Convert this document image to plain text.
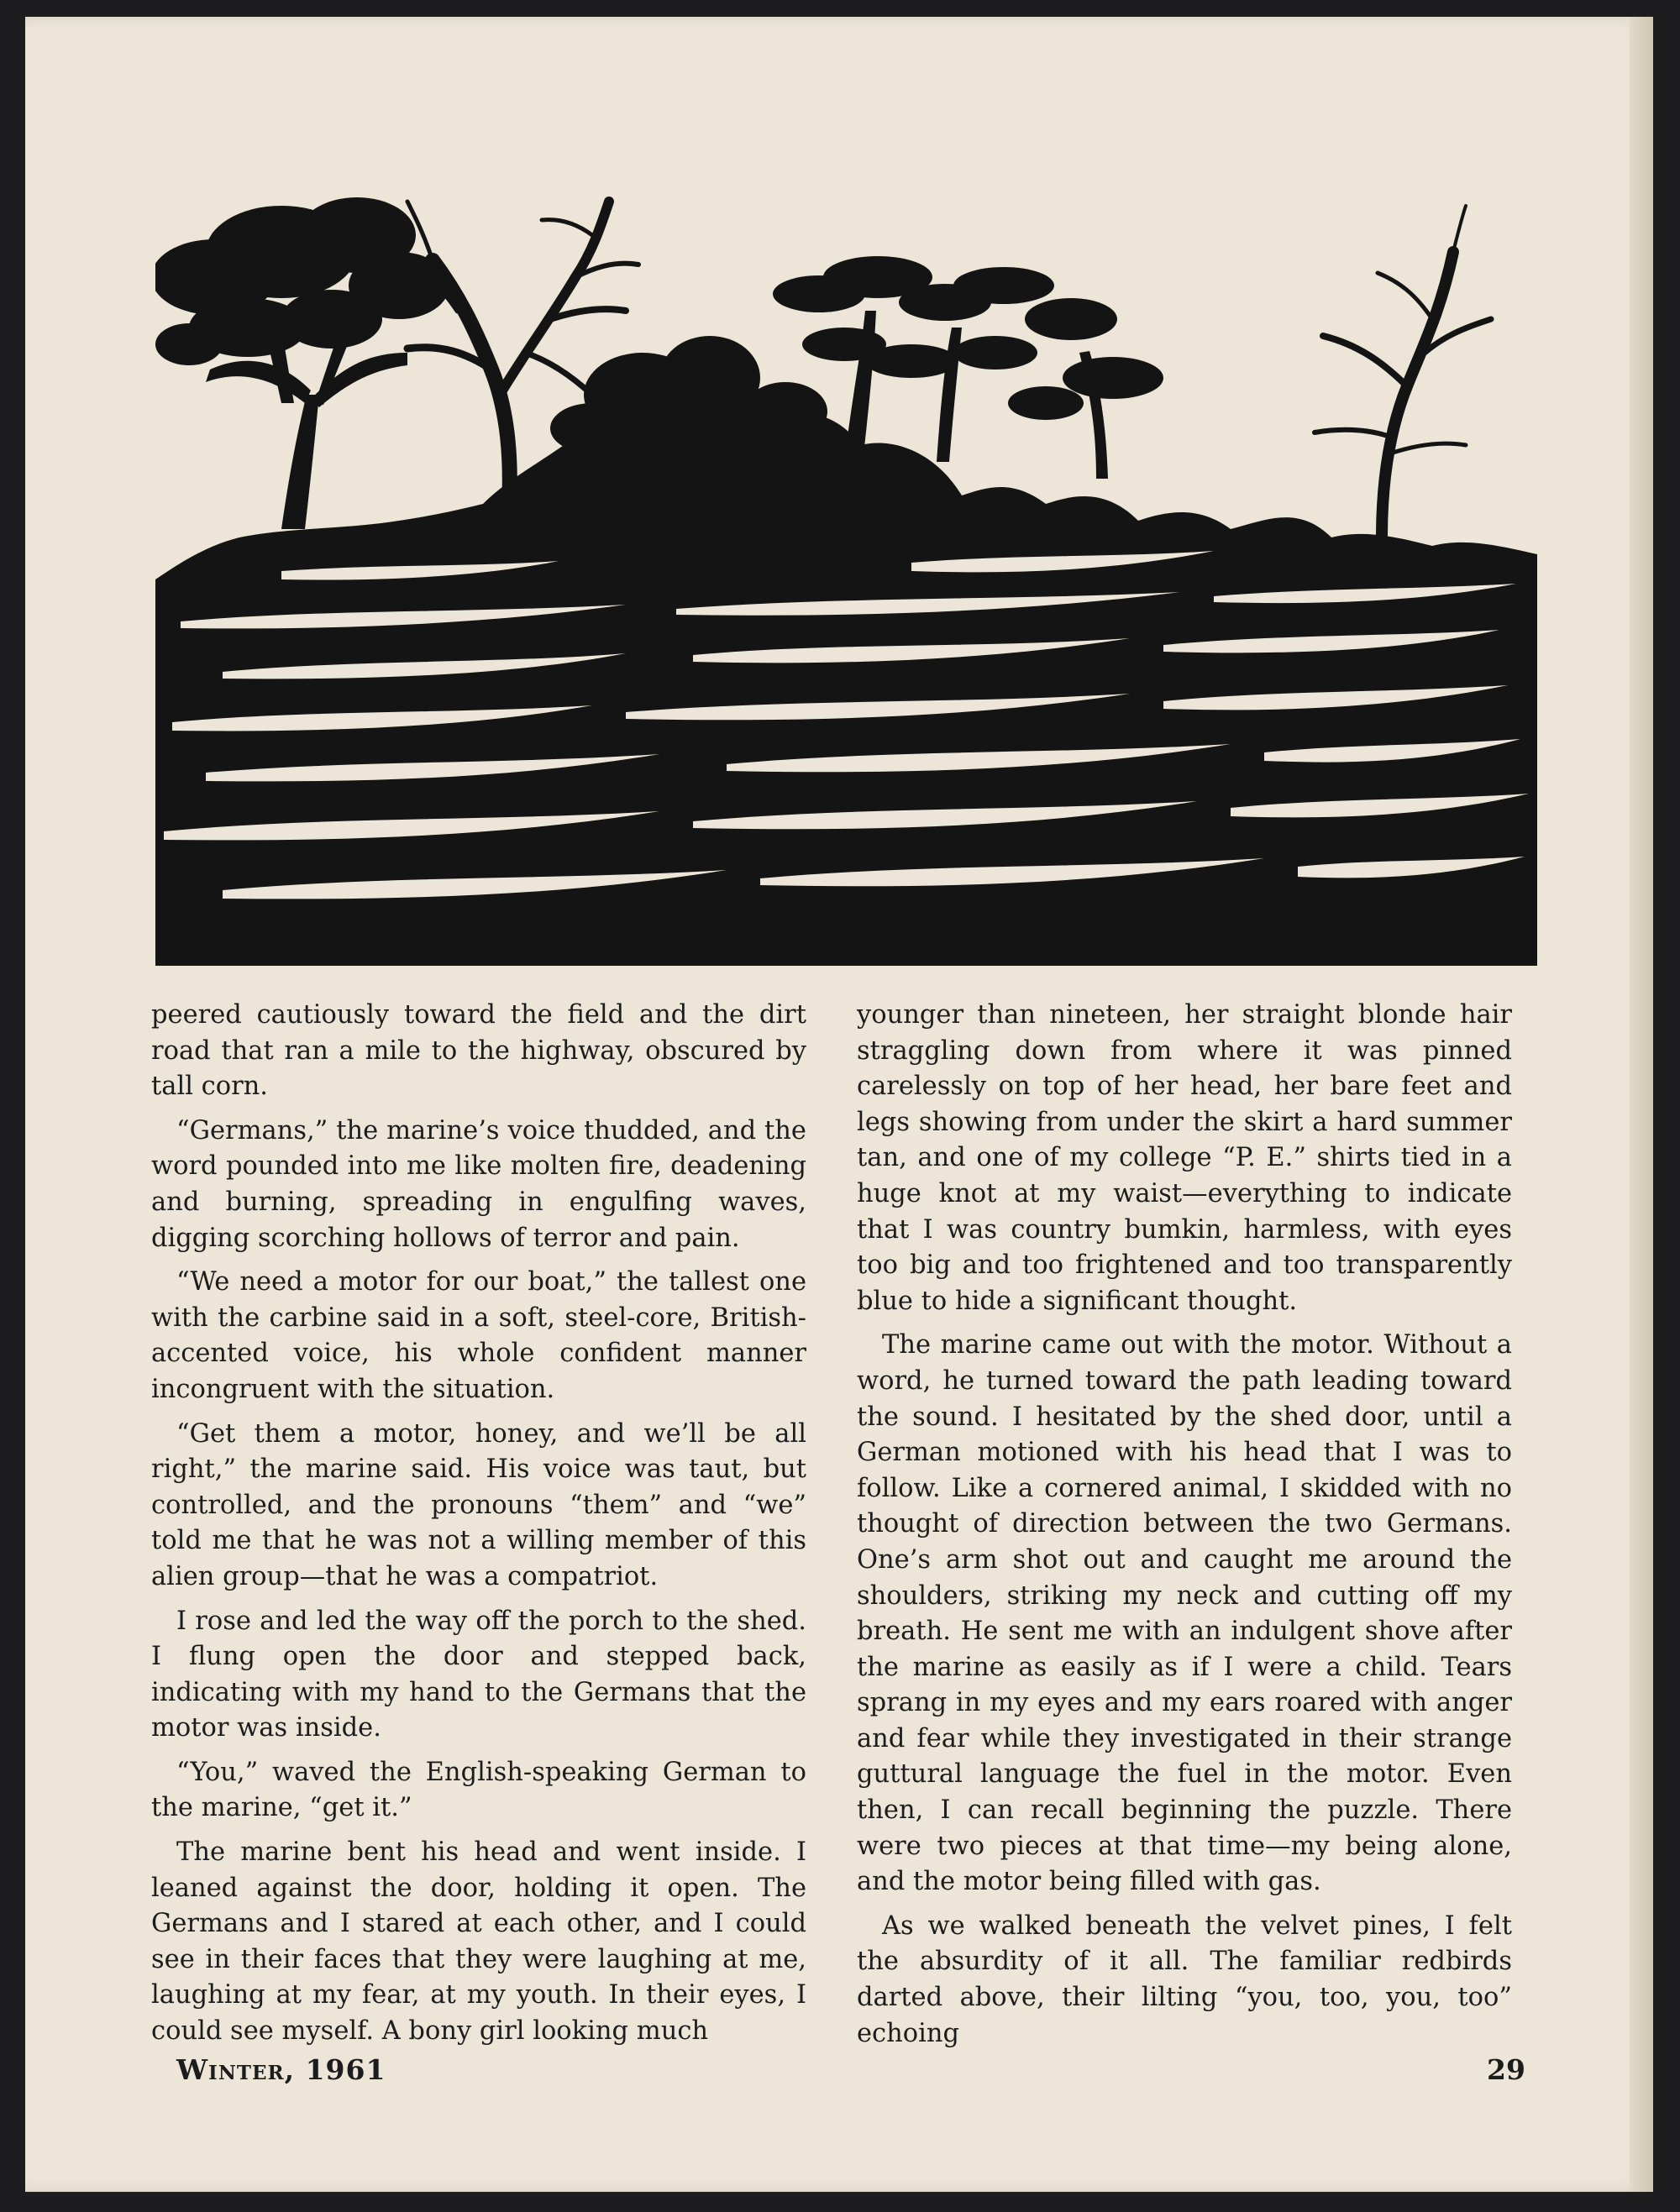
peered cautiously toward the field and the dirt road that ran a mile to the highway, obscured by tall corn.

“Germans,” the marine’s voice thudded, and the word pounded into me like molten fire, deadening and burning, spreading in engulfing waves, digging scorching hollows of terror and pain.

“We need a motor for our boat,” the tallest one with the carbine said in a soft, steel-core, British-accented voice, his whole confident manner incongruent with the situation.

“Get them a motor, honey, and we’ll be all right,” the marine said. His voice was taut, but controlled, and the pronouns “them” and “we” told me that he was not a willing member of this alien group—that he was a compatriot.

I rose and led the way off the porch to the shed. I flung open the door and stepped back, indicating with my hand to the Germans that the motor was inside.

“You,” waved the English-speaking German to the marine, “get it.”

The marine bent his head and went inside. I leaned against the door, holding it open. The Germans and I stared at each other, and I could see in their faces that they were laughing at me, laughing at my fear, at my youth. In their eyes, I could see myself. A bony girl looking much

younger than nineteen, her straight blonde hair straggling down from where it was pinned carelessly on top of her head, her bare feet and legs showing from under the skirt a hard summer tan, and one of my college “P. E.” shirts tied in a huge knot at my waist—everything to indicate that I was country bumkin, harmless, with eyes too big and too frightened and too transparently blue to hide a significant thought.

The marine came out with the motor. Without a word, he turned toward the path leading toward the sound. I hesitated by the shed door, until a German motioned with his head that I was to follow. Like a cornered animal, I skidded with no thought of direction between the two Germans. One’s arm shot out and caught me around the shoulders, striking my neck and cutting off my breath. He sent me with an indulgent shove after the marine as easily as if I were a child. Tears sprang in my eyes and my ears roared with anger and fear while they investigated in their strange guttural language the fuel in the motor. Even then, I can recall beginning the puzzle. There were two pieces at that time—my being alone, and the motor being filled with gas.

As we walked beneath the velvet pines, I felt the absurdity of it all. The familiar redbirds darted above, their lilting “you, too, you, too” echoing

Winter, 1961	29
